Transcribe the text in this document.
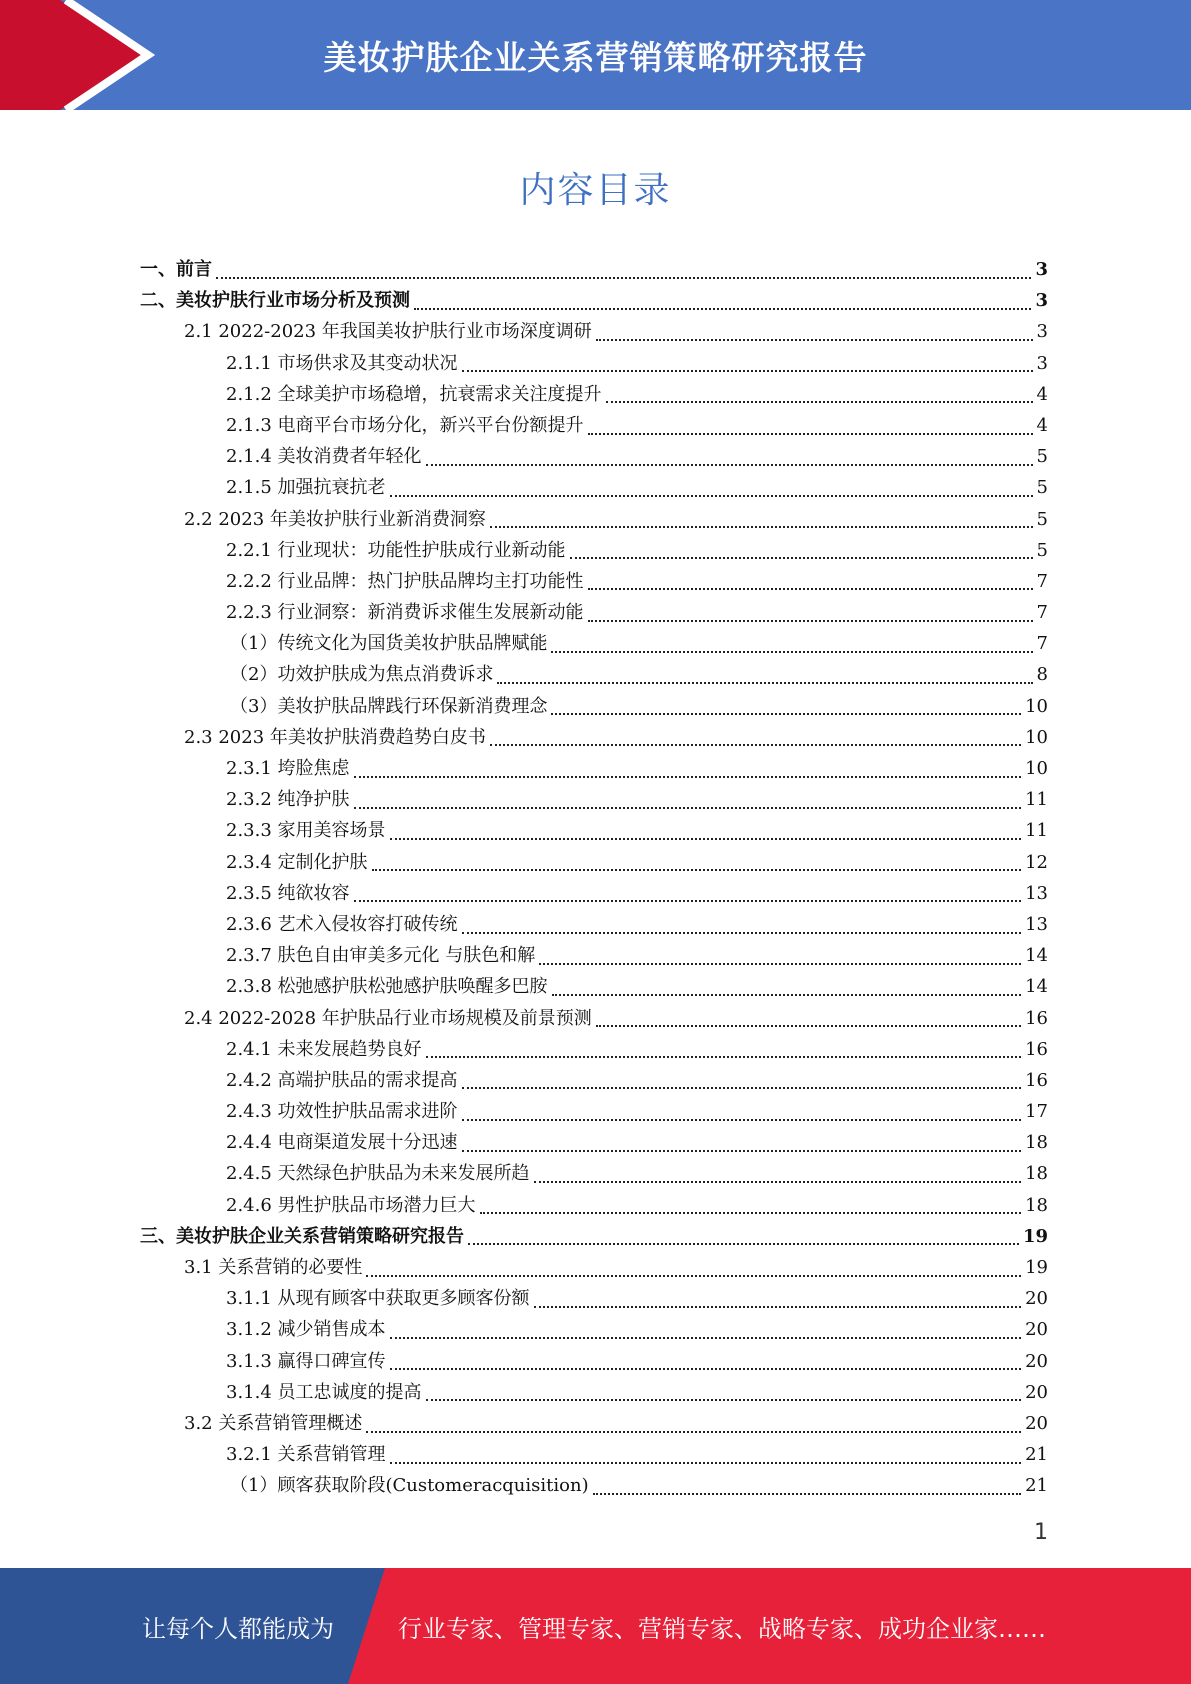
美妆护肤企业关系营销策略研究报告
内容目录
一、前言	3
二、美妆护肤行业市场分析及预测	3
2.1 2022-2023 年我国美妆护肤行业市场深度调研	3
2.1.1 市场供求及其变动状况	3
2.1.2 全球美护市场稳增，抗衰需求关注度提升	4
2.1.3 电商平台市场分化，新兴平台份额提升	4
2.1.4 美妆消费者年轻化	5
2.1.5 加强抗衰抗老	5
2.2 2023 年美妆护肤行业新消费洞察	5
2.2.1 行业现状：功能性护肤成行业新动能	5
2.2.2 行业品牌：热门护肤品牌均主打功能性	7
2.2.3 行业洞察：新消费诉求催生发展新动能	7
（1）传统文化为国货美妆护肤品牌赋能	7
（2）功效护肤成为焦点消费诉求	8
（3）美妆护肤品牌践行环保新消费理念	10
2.3 2023 年美妆护肤消费趋势白皮书	10
2.3.1 垮脸焦虑	10
2.3.2 纯净护肤	11
2.3.3 家用美容场景	11
2.3.4 定制化护肤	12
2.3.5 纯欲妆容	13
2.3.6 艺术入侵妆容打破传统	13
2.3.7 肤色自由审美多元化 与肤色和解	14
2.3.8 松弛感护肤松弛感护肤唤醒多巴胺	14
2.4 2022-2028 年护肤品行业市场规模及前景预测	16
2.4.1 未来发展趋势良好	16
2.4.2 高端护肤品的需求提高	16
2.4.3 功效性护肤品需求进阶	17
2.4.4 电商渠道发展十分迅速	18
2.4.5 天然绿色护肤品为未来发展所趋	18
2.4.6 男性护肤品市场潜力巨大	18
三、美妆护肤企业关系营销策略研究报告	19
3.1 关系营销的必要性	19
3.1.1 从现有顾客中获取更多顾客份额	20
3.1.2 减少销售成本	20
3.1.3 赢得口碑宣传	20
3.1.4 员工忠诚度的提高	20
3.2 关系营销管理概述	20
3.2.1 关系营销管理	21
（1）顾客获取阶段(Customeracquisition)	21
1
让每个人都能成为	行业专家、管理专家、营销专家、战略专家、成功企业家……
